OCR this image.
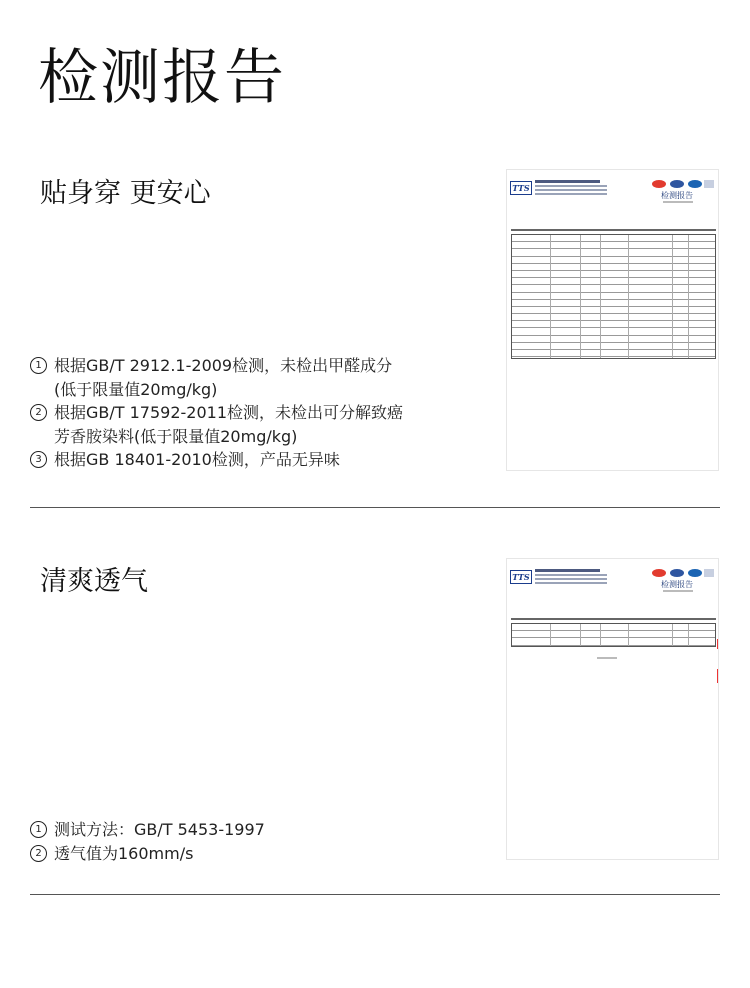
检测报告
贴身穿 更安心
1 根据GB/T 2912.1-2009检测，未检出甲醛成分
(低于限量值20mg/kg)
2 根据GB/T 17592-2011检测，未检出可分解致癌
芳香胺染料(低于限量值20mg/kg)
3 根据GB 18401-2010检测，产品无异味
TTS
检测报告
清爽透气
1 测试方法：GB/T 5453-1997
2 透气值为160mm/s
TTS
检测报告
